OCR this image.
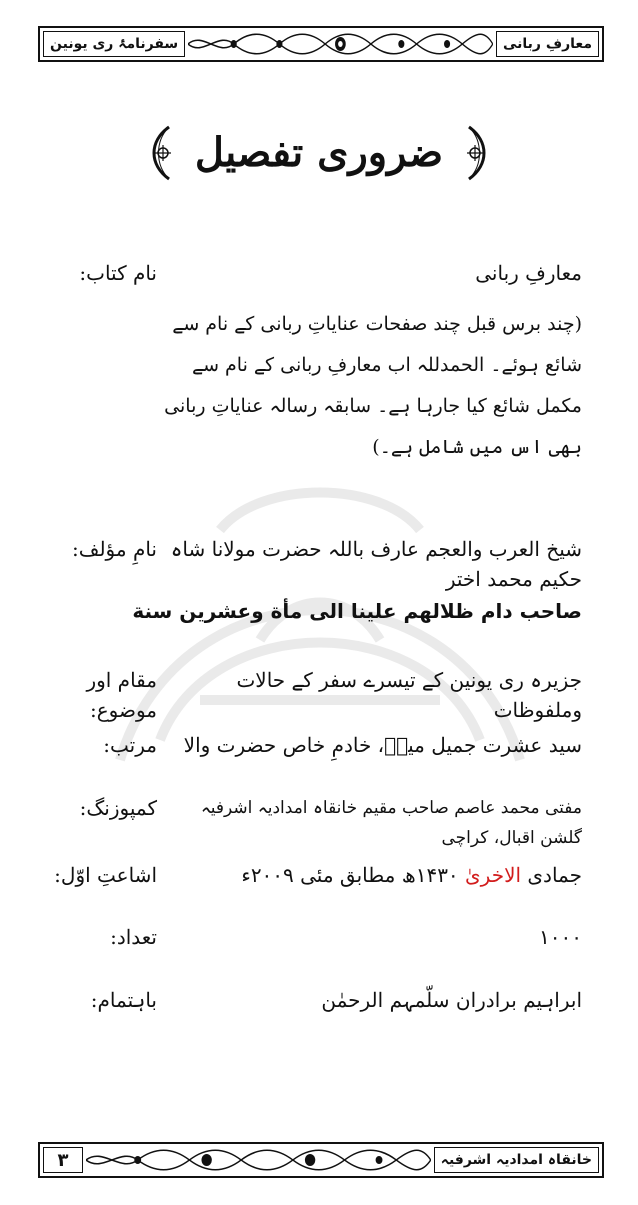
سفرنامۂ ری یونین	معارفِ ربانی
ضروری تفصیل
نام کتاب:	معارفِ ربانی
(چند برس قبل چند صفحات عنایاتِ ربانی کے نام سے
شائع ہوئے۔ الحمدللہ اب معارفِ ربانی کے نام سے
مکمل شائع کیا جارہا ہے۔ سابقہ رسالہ عنایاتِ ربانی
بھی اس میں شامل ہے۔)
نامِ مؤلف: شیخ العرب والعجم عارف باللہ حضرت مولانا شاہ حکیم محمد اختر
صاحب دام ظلالهم علينا الى مأة وعشرين سنة
مقام اور موضوع:
جزیرہ ری یونین کے تیسرے سفر کے حالات وملفوظات
مرتب:	سید عشرت جمیل میرؔ، خادمِ خاص حضرت والا
کمپوزنگ:	مفتی محمد عاصم صاحب مقیم خانقاہ امدادیہ اشرفیہ گلشن اقبال، کراچی
اشاعتِ اوّل:	جمادی الاخریٰ ۱۴۳۰ھ مطابق مئی ۲۰۰۹ء
تعداد:	۱۰۰۰
باہتمام:	ابراہیم برادران سلّمہم الرحمٰن
۳	خانقاہ امدادیہ اشرفیہ
